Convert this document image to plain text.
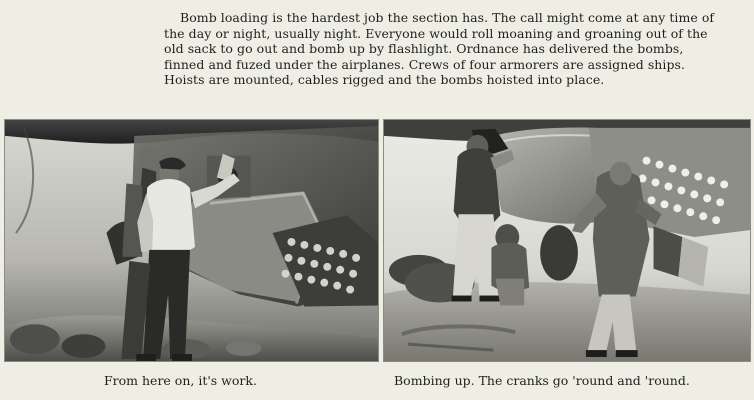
Bomb loading is the hardest job the section has. The call might come at any time of the day or night, usually night. Everyone would roll moaning and groaning out of the old sack to go out and bomb up by flashlight. Ordnance has delivered the bombs, finned and fuzed under the airplanes. Crews of four armorers are assigned ships. Hoists are mounted, cables rigged and the bombs hoisted into place.

From here on, it's work.	Bombing up. The cranks go 'round and 'round.
